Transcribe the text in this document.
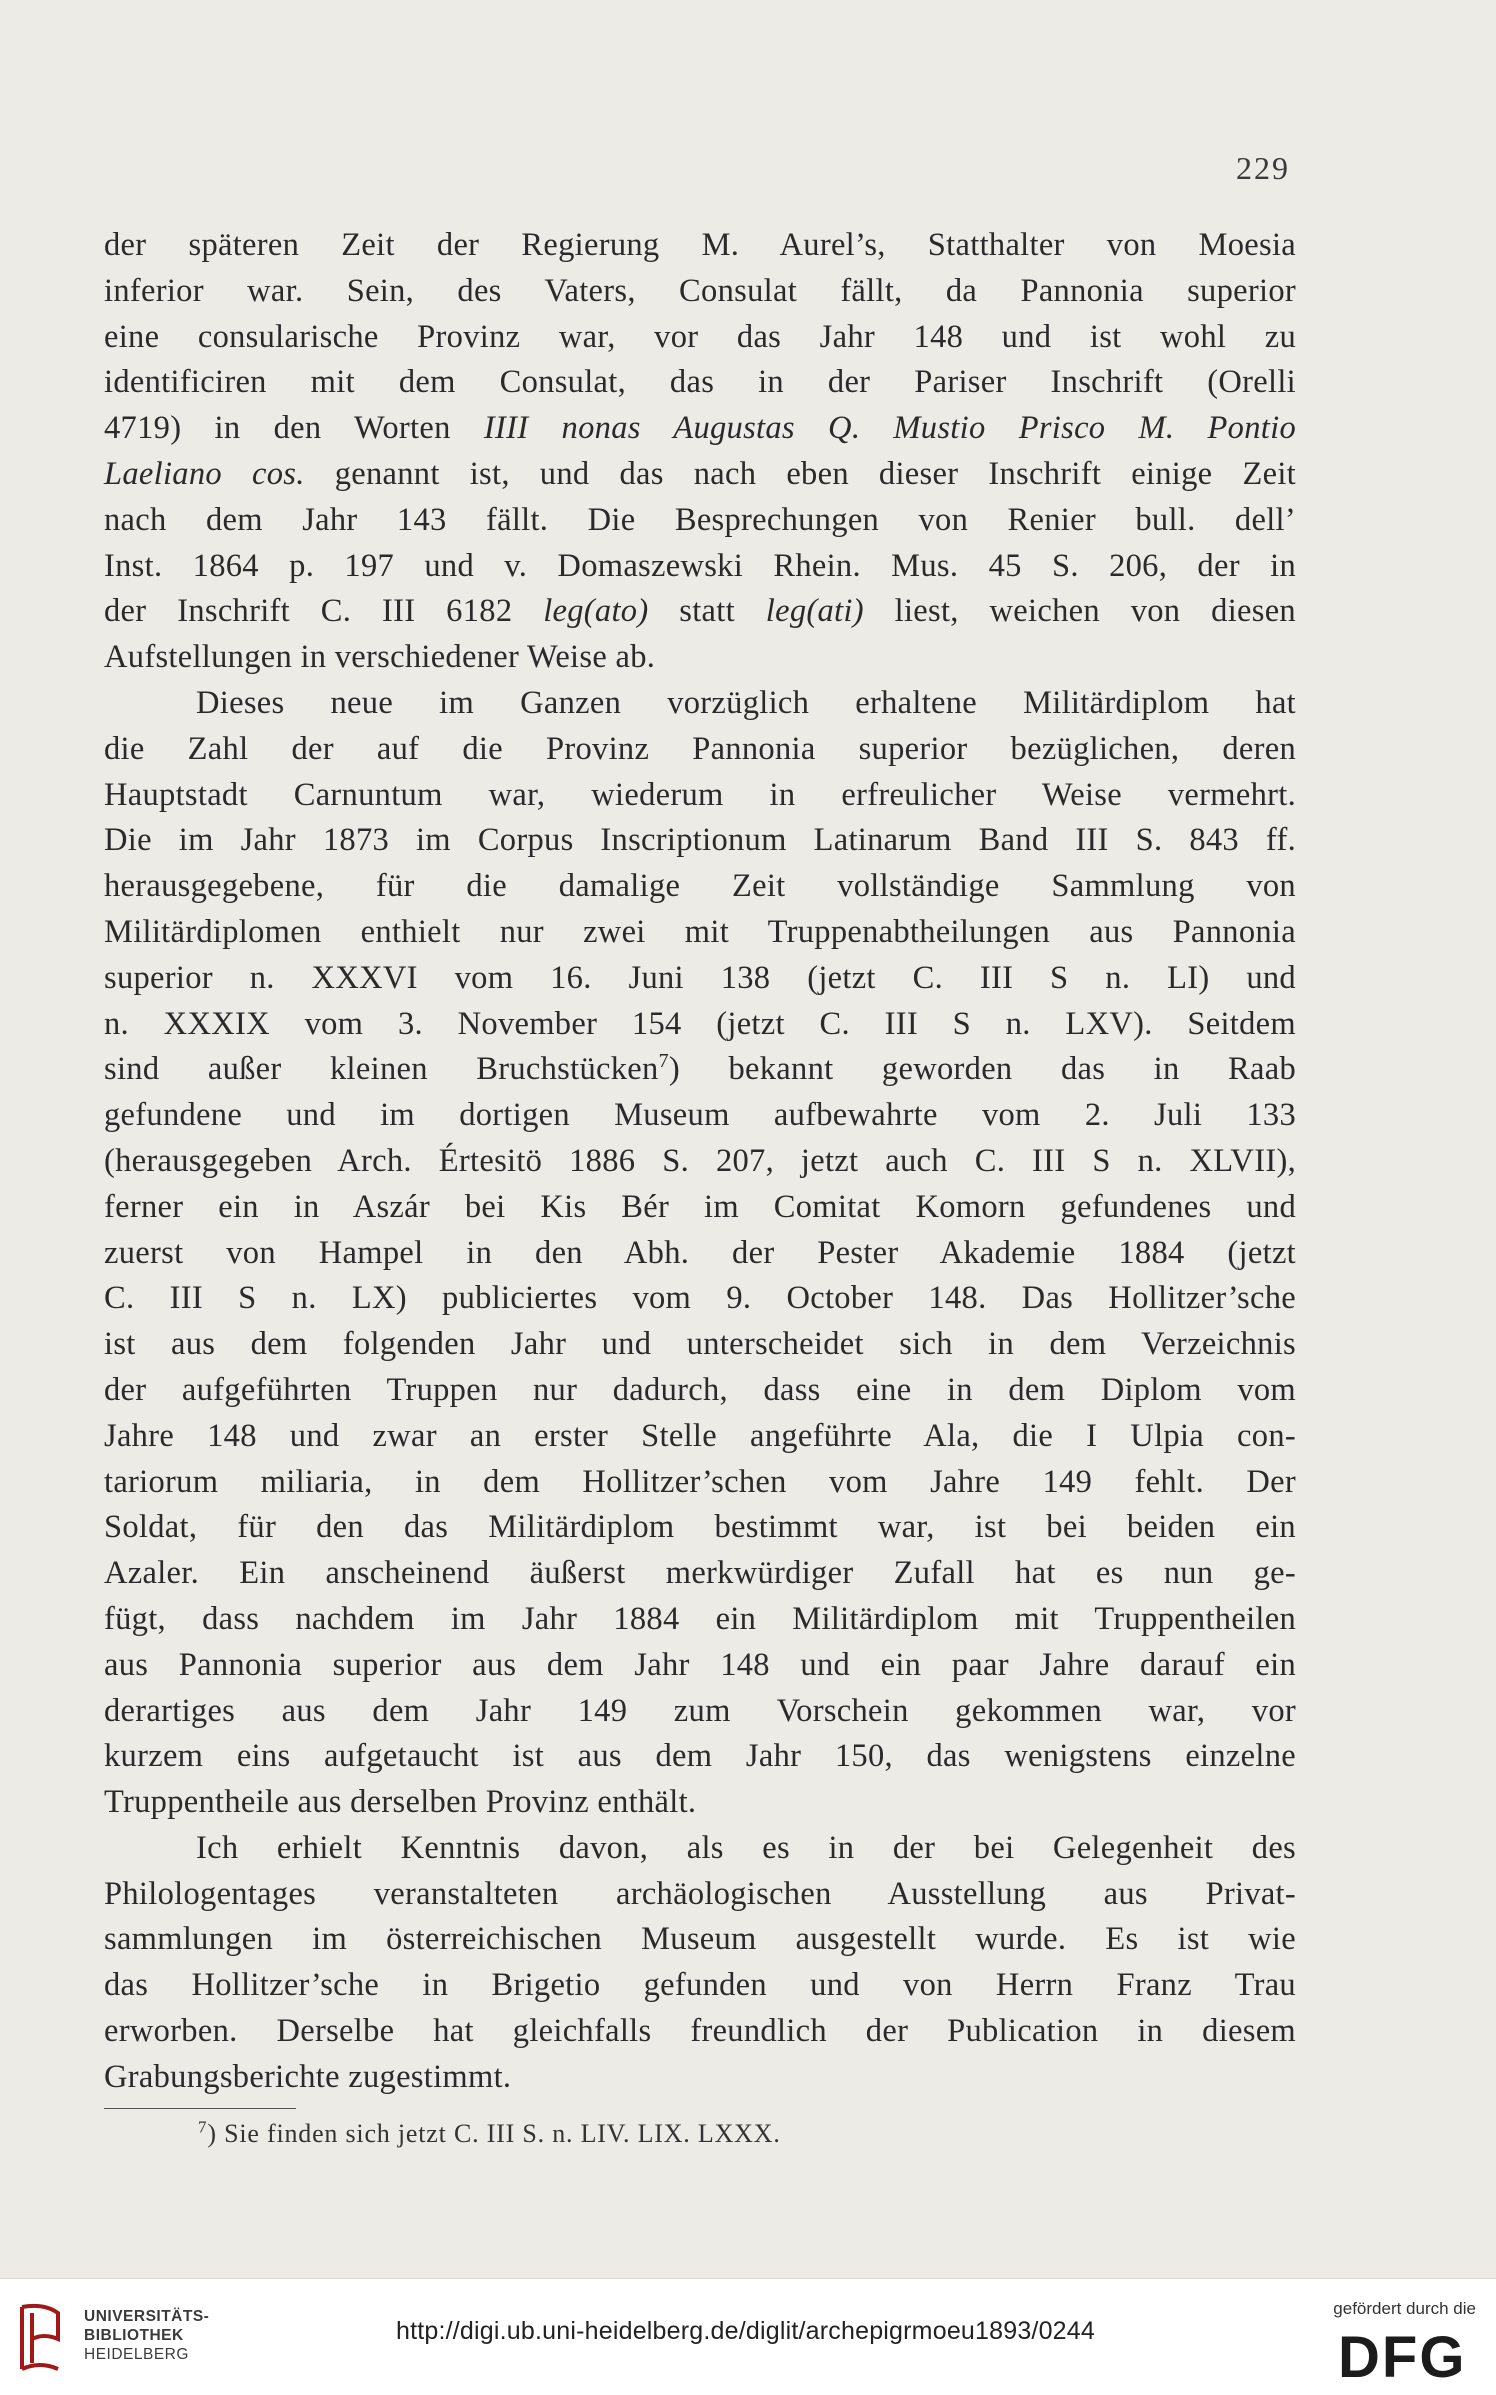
229
der späteren Zeit der Regierung M. Aurel’s, Statthalter von Moesia
inferior war. Sein, des Vaters, Consulat fällt, da Pannonia superior
eine consularische Provinz war, vor das Jahr 148 und ist wohl zu
identificiren mit dem Consulat, das in der Pariser Inschrift (Orelli
4719) in den Worten IIII nonas Augustas Q. Mustio Prisco M. Pontio
Laeliano cos. genannt ist, und das nach eben dieser Inschrift einige Zeit
nach dem Jahr 143 fällt. Die Besprechungen von Renier bull. dell’
Inst. 1864 p. 197 und v. Domaszewski Rhein. Mus. 45 S. 206, der in
der Inschrift C. III 6182 leg(ato) statt leg(ati) liest, weichen von diesen
Aufstellungen in verschiedener Weise ab.
Dieses neue im Ganzen vorzüglich erhaltene Militärdiplom hat
die Zahl der auf die Provinz Pannonia superior bezüglichen, deren
Hauptstadt Carnuntum war, wiederum in erfreulicher Weise vermehrt.
Die im Jahr 1873 im Corpus Inscriptionum Latinarum Band III S. 843 ff.
herausgegebene, für die damalige Zeit vollständige Sammlung von
Militärdiplomen enthielt nur zwei mit Truppenabtheilungen aus Pannonia
superior n. XXXVI vom 16. Juni 138 (jetzt C. III S n. LI) und
n. XXXIX vom 3. November 154 (jetzt C. III S n. LXV). Seitdem
sind außer kleinen Bruchstücken$^7$) bekannt geworden das in Raab
gefundene und im dortigen Museum aufbewahrte vom 2. Juli 133
(herausgegeben Arch. Értesitö 1886 S. 207, jetzt auch C. III S n. XLVII),
ferner ein in Aszár bei Kis Bér im Comitat Komorn gefundenes und
zuerst von Hampel in den Abh. der Pester Akademie 1884 (jetzt
C. III S n. LX) publiciertes vom 9. October 148. Das Hollitzer’sche
ist aus dem folgenden Jahr und unterscheidet sich in dem Verzeichnis
der aufgeführten Truppen nur dadurch, dass eine in dem Diplom vom
Jahre 148 und zwar an erster Stelle angeführte Ala, die I Ulpia con-
tariorum miliaria, in dem Hollitzer’schen vom Jahre 149 fehlt. Der
Soldat, für den das Militärdiplom bestimmt war, ist bei beiden ein
Azaler. Ein anscheinend äußerst merkwürdiger Zufall hat es nun ge-
fügt, dass nachdem im Jahr 1884 ein Militärdiplom mit Truppentheilen
aus Pannonia superior aus dem Jahr 148 und ein paar Jahre darauf ein
derartiges aus dem Jahr 149 zum Vorschein gekommen war, vor
kurzem eins aufgetaucht ist aus dem Jahr 150, das wenigstens einzelne
Truppentheile aus derselben Provinz enthält.
Ich erhielt Kenntnis davon, als es in der bei Gelegenheit des
Philologentages veranstalteten archäologischen Ausstellung aus Privat-
sammlungen im österreichischen Museum ausgestellt wurde. Es ist wie
das Hollitzer’sche in Brigetio gefunden und von Herrn Franz Trau
erworben. Derselbe hat gleichfalls freundlich der Publication in diesem
Grabungsberichte zugestimmt.
$^7$) Sie finden sich jetzt C. III S. n. LIV. LIX. LXXX.
UNIVERSITÄTS-
BIBLIOTHEK
HEIDELBERG
http://digi.ub.uni-heidelberg.de/diglit/archepigrmoeu1893/0244
gefördert durch die
DFG
